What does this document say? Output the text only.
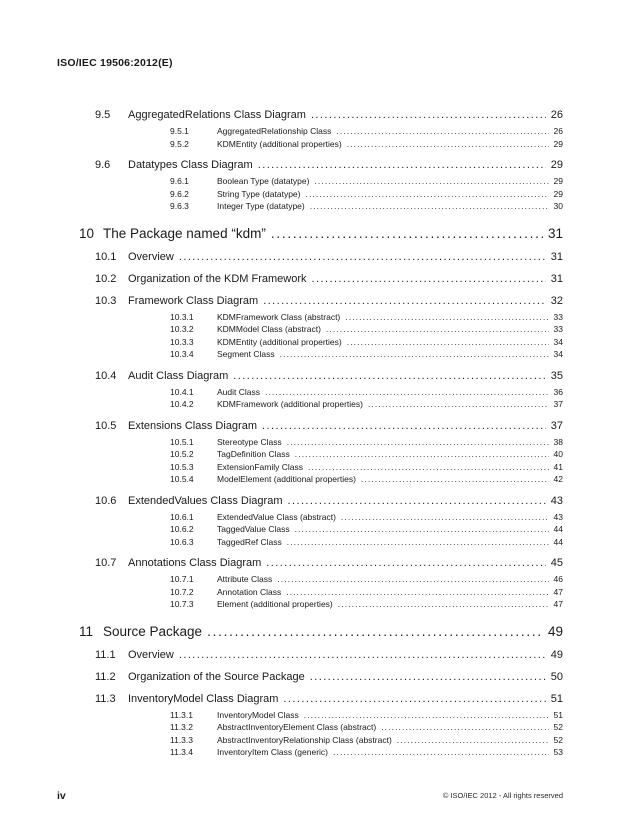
ISO/IEC 19506:2012(E)
9.5	AggregatedRelations Class Diagram .....	26
9.5.1	AggregatedRelationship Class .....	26
9.5.2	KDMEntity (additional properties) .....	29
9.6	Datatypes Class Diagram .....	29
9.6.1	Boolean Type (datatype) .....	29
9.6.2	String Type (datatype) .....	29
9.6.3	Integer Type (datatype) .....	30
10 The Package named “kdm” .....	31
10.1	Overview .....	31
10.2	Organization of the KDM Framework .....	31
10.3	Framework Class Diagram .....	32
10.3.1	KDMFramework Class (abstract) .....	33
10.3.2	KDMModel Class (abstract) .....	33
10.3.3	KDMEntity (additional properties) .....	34
10.3.4	Segment Class .....	34
10.4	Audit Class Diagram .....	35
10.4.1	Audit Class .....	36
10.4.2	KDMFramework (additional properties) .....	37
10.5	Extensions Class Diagram .....	37
10.5.1	Stereotype Class .....	38
10.5.2	TagDefinition Class .....	40
10.5.3	ExtensionFamily Class .....	41
10.5.4	ModelElement (additional properties) .....	42
10.6	ExtendedValues Class Diagram .....	43
10.6.1	ExtendedValue Class (abstract) .....	43
10.6.2	TaggedValue Class .....	44
10.6.3	TaggedRef Class .....	44
10.7	Annotations Class Diagram .....	45
10.7.1	Attribute Class .....	46
10.7.2	Annotation Class .....	47
10.7.3	Element (additional properties) .....	47
11 Source Package .....	49
11.1	Overview .....	49
11.2	Organization of the Source Package .....	50
11.3	InventoryModel Class Diagram .....	51
11.3.1	InventoryModel Class .....	51
11.3.2	AbstractInventoryElement Class (abstract) .....	52
11.3.3	AbstractInventoryRelationship Class (abstract) .....	52
11.3.4	InventoryItem Class (generic) .....	53
iv	© ISO/IEC 2012 - All rights reserved
